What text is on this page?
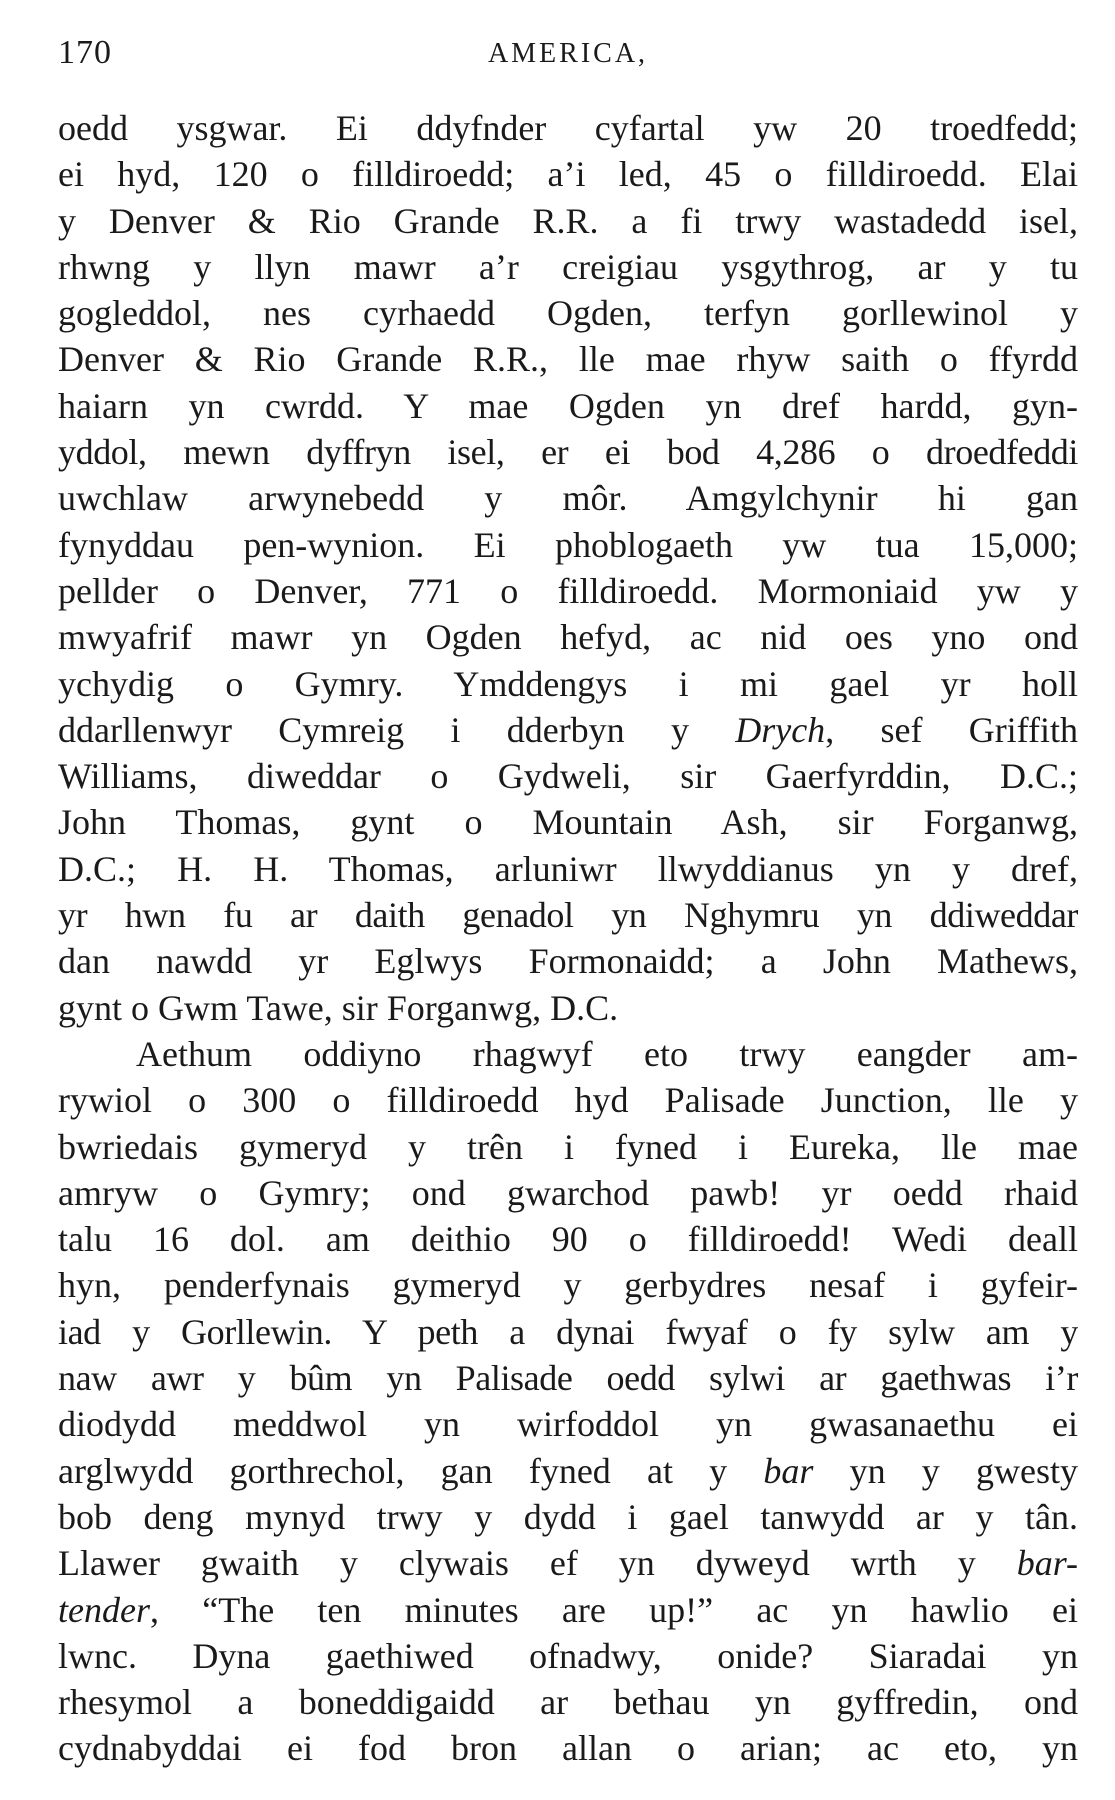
170	AMERICA,
oedd ysgwar. Ei ddyfnder cyfartal yw 20 troedfedd;
ei hyd, 120 o filldiroedd; a’i led, 45 o filldiroedd. Elai
y Denver & Rio Grande R.R. a fi trwy wastadedd isel,
rhwng y llyn mawr a’r creigiau ysgythrog, ar y tu
gogleddol, nes cyrhaedd Ogden, terfyn gorllewinol y
Denver & Rio Grande R.R., lle mae rhyw saith o ffyrdd
haiarn yn cwrdd. Y mae Ogden yn dref hardd, gyn-
yddol, mewn dyffryn isel, er ei bod 4,286 o droedfeddi
uwchlaw arwynebedd y môr. Amgylchynir hi gan
fynyddau pen-wynion. Ei phoblogaeth yw tua 15,000;
pellder o Denver, 771 o filldiroedd. Mormoniaid yw y
mwyafrif mawr yn Ogden hefyd, ac nid oes yno ond
ychydig o Gymry. Ymddengys i mi gael yr holl
ddarllenwyr Cymreig i dderbyn y Drych, sef Griffith
Williams, diweddar o Gydweli, sir Gaerfyrddin, D.C.;
John Thomas, gynt o Mountain Ash, sir Forganwg,
D.C.; H. H. Thomas, arluniwr llwyddianus yn y dref,
yr hwn fu ar daith genadol yn Nghymru yn ddiweddar
dan nawdd yr Eglwys Formonaidd; a John Mathews,
gynt o Gwm Tawe, sir Forganwg, D.C.
Aethum oddiyno rhagwyf eto trwy eangder am-
rywiol o 300 o filldiroedd hyd Palisade Junction, lle y
bwriedais gymeryd y trên i fyned i Eureka, lle mae
amryw o Gymry; ond gwarchod pawb! yr oedd rhaid
talu 16 dol. am deithio 90 o filldiroedd! Wedi deall
hyn, penderfynais gymeryd y gerbydres nesaf i gyfeir-
iad y Gorllewin. Y peth a dynai fwyaf o fy sylw am y
naw awr y bûm yn Palisade oedd sylwi ar gaethwas i’r
diodydd meddwol yn wirfoddol yn gwasanaethu ei
arglwydd gorthrechol, gan fyned at y bar yn y gwesty
bob deng mynyd trwy y dydd i gael tanwydd ar y tân.
Llawer gwaith y clywais ef yn dyweyd wrth y bar-
tender, “The ten minutes are up!” ac yn hawlio ei
lwnc. Dyna gaethiwed ofnadwy, onide? Siaradai yn
rhesymol a boneddigaidd ar bethau yn gyffredin, ond
cydnabyddai ei fod bron allan o arian; ac eto, yn
